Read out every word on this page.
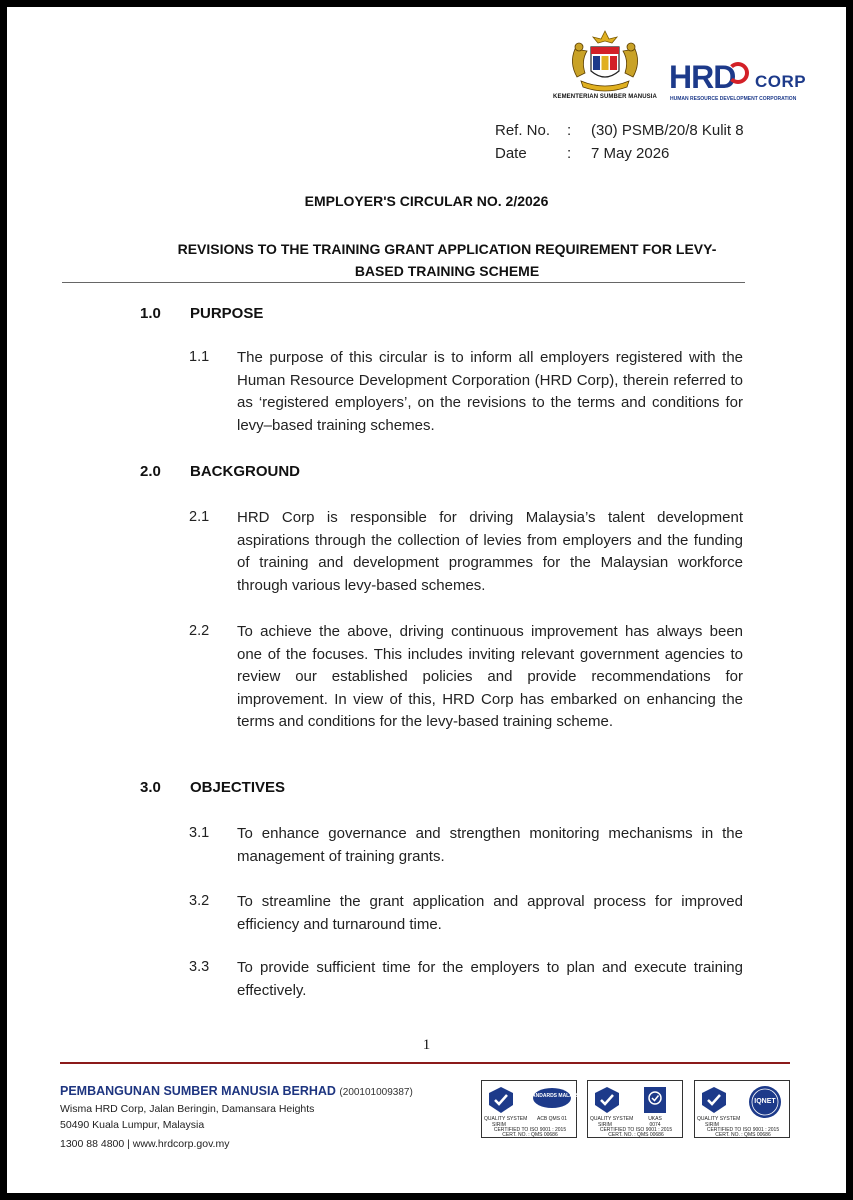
KEMENTERIAN SUMBER MANUSIA
HRD CORP
HUMAN RESOURCE DEVELOPMENT CORPORATION
Ref. No. : (30) PSMB/20/8 Kulit 8
Date	: 7 May 2026
EMPLOYER'S CIRCULAR NO. 2/2026
REVISIONS TO THE TRAINING GRANT APPLICATION REQUIREMENT FOR LEVY-
BASED TRAINING SCHEME
1.0 PURPOSE
1.1 The purpose of this circular is to inform all employers registered with the Human Resource Development Corporation (HRD Corp), therein referred to as ‘registered employers’, on the revisions to the terms and conditions for levy–based training schemes.
2.0 BACKGROUND
2.1 HRD Corp is responsible for driving Malaysia’s talent development aspirations through the collection of levies from employers and the funding of training and development programmes for the Malaysian workforce through various levy-based schemes.
2.2 To achieve the above, driving continuous improvement has always been one of the focuses. This includes inviting relevant government agencies to review our established policies and provide recommendations for improvement. In view of this, HRD Corp has embarked on enhancing the terms and conditions for the levy-based training scheme.
3.0 OBJECTIVES
3.1 To enhance governance and strengthen monitoring mechanisms in the management of training grants.
3.2 To streamline the grant application and approval process for improved efficiency and turnaround time.
3.3 To provide sufficient time for the employers to plan and execute training effectively.
1
PEMBANGUNAN SUMBER MANUSIA BERHAD (200101009387)
Wisma HRD Corp, Jalan Beringin, Damansara Heights
50490 Kuala Lumpur, Malaysia
1300 88 4800 | www.hrdcorp.gov.my
QUALITY SYSTEM
SIRIM
STANDARDS MALAYSIA
ACB QMS 01
CERTIFIED TO ISO 9001 : 2015
CERT. NO. : QMS 00686
QUALITY SYSTEM
SIRIM
UKAS
0074
CERTIFIED TO ISO 9001 : 2015
CERT. NO. : QMS 00686
QUALITY SYSTEM
SIRIM
IQNET
CERTIFIED TO ISO 9001 : 2015
CERT. NO. : QMS 00686
